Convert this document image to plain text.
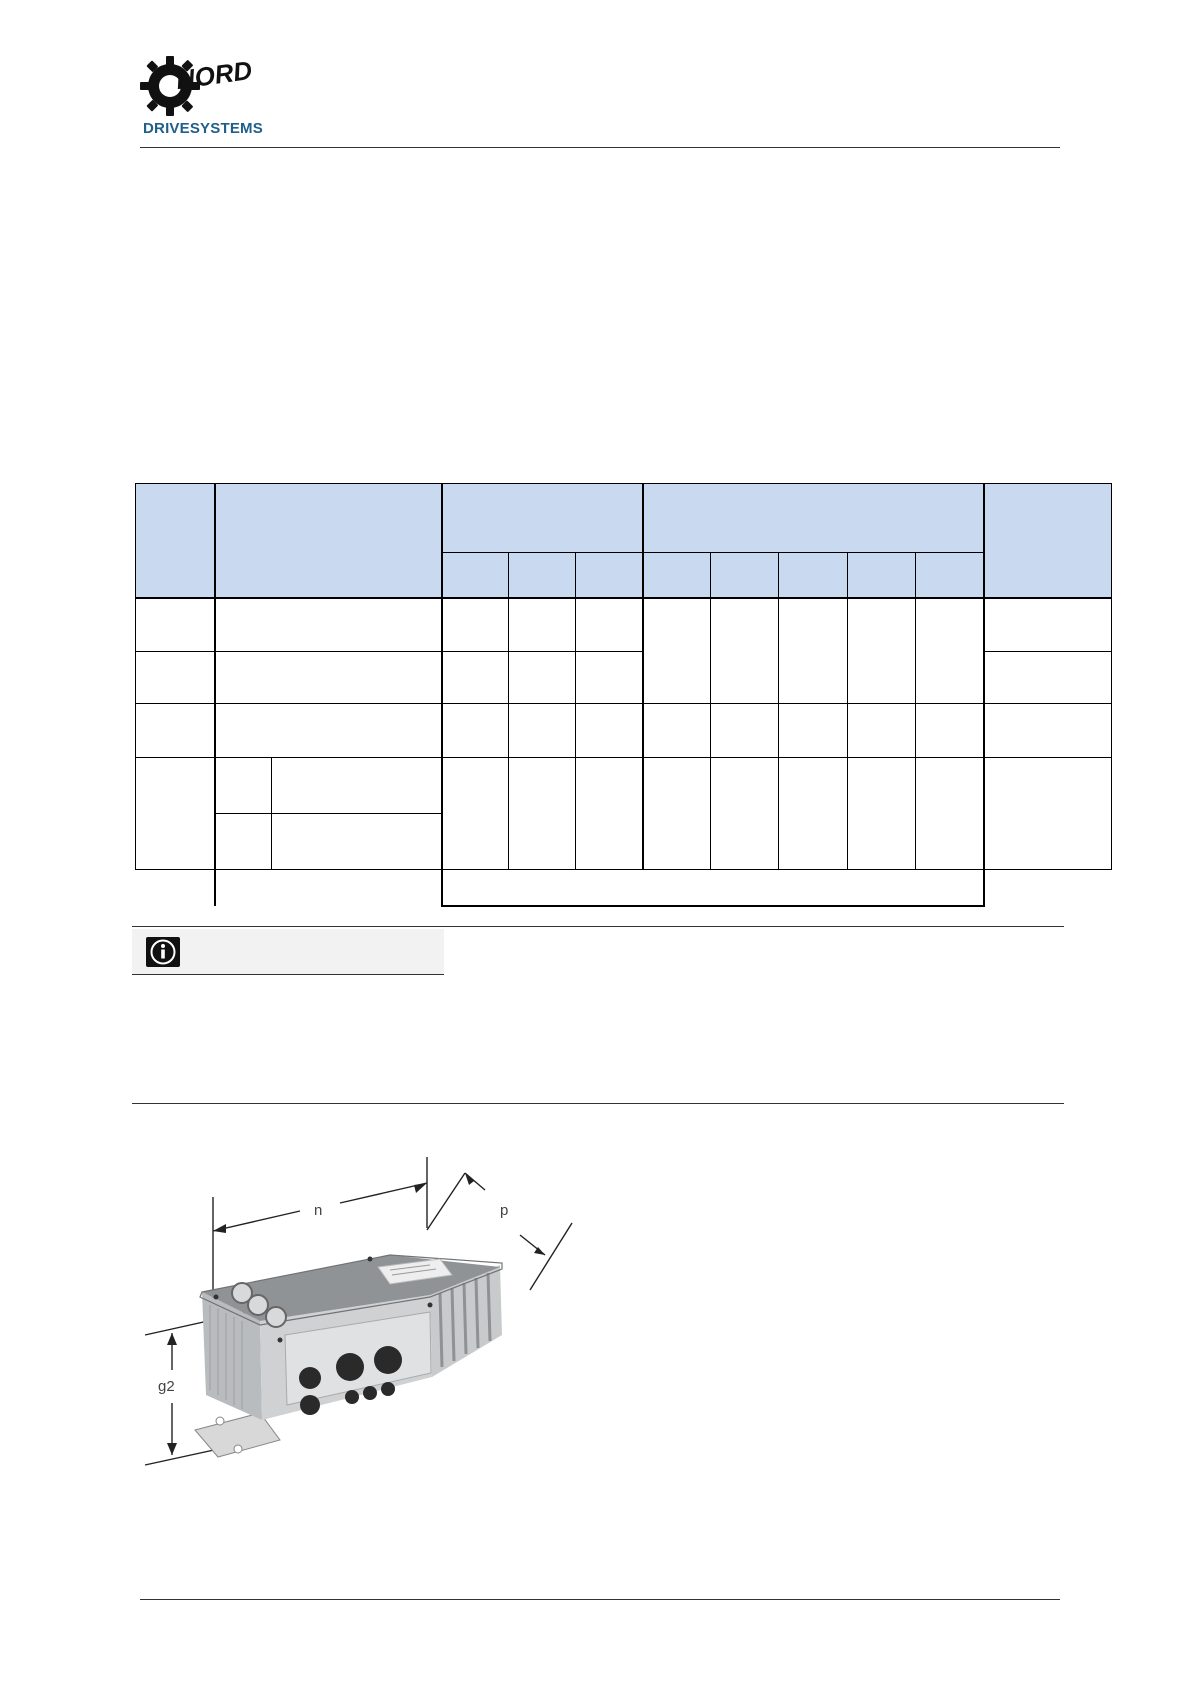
NORD
DRIVESYSTEMS

n	p
g2
